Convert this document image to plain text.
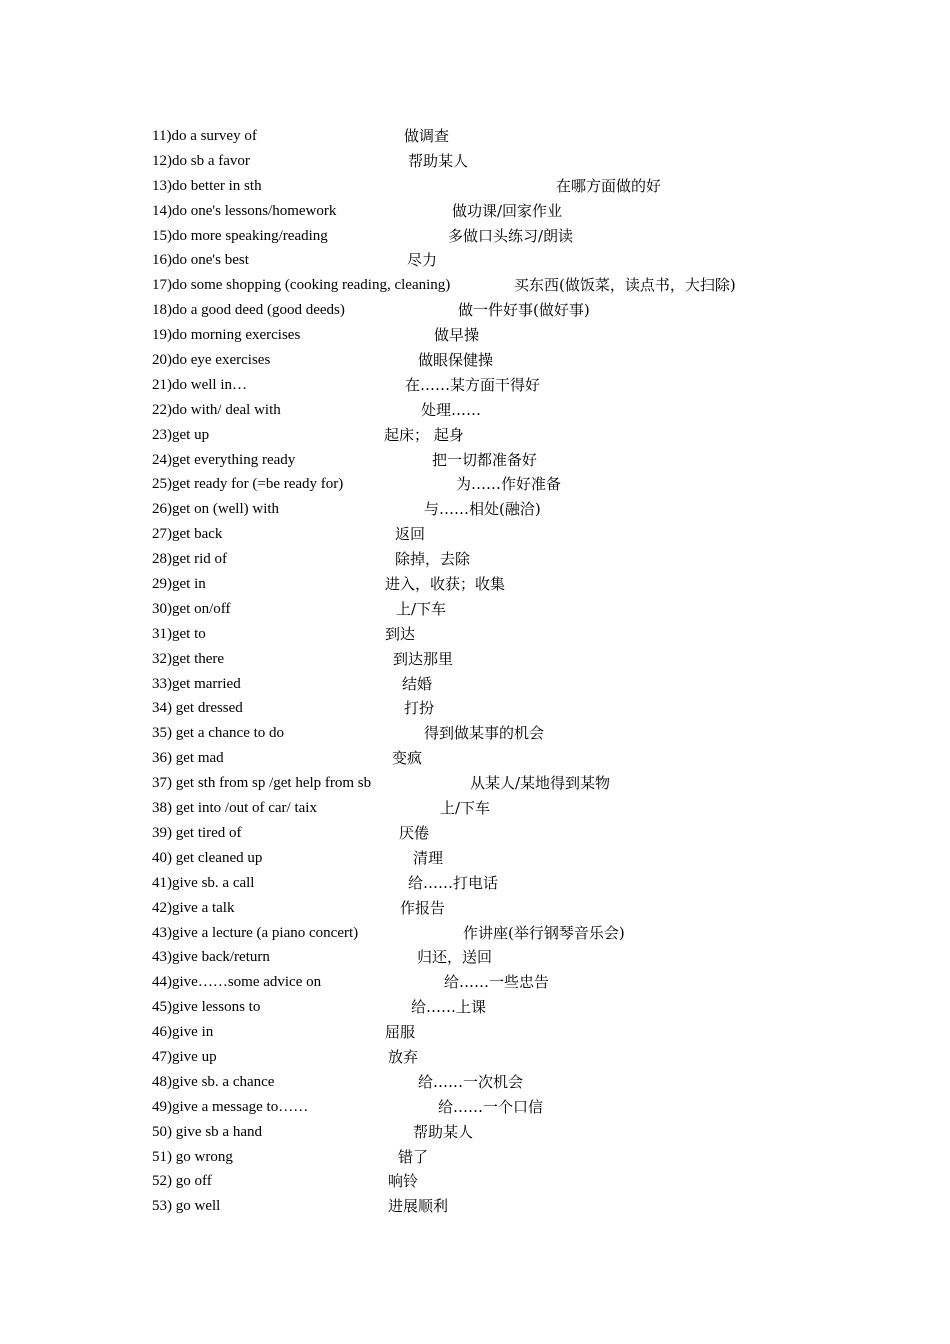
11)do a survey of	做调查
12)do sb a favor	帮助某人
13)do better in sth	在哪方面做的好
14)do one's lessons/homework	做功课/回家作业
15)do more speaking/reading	多做口头练习/朗读
16)do one's best	尽力
17)do some shopping (cooking reading, cleaning)	买东西(做饭菜，读点书，大扫除)
18)do a good deed (good deeds)	做一件好事(做好事)
19)do morning exercises	做早操
20)do eye exercises	做眼保健操
21)do well in…	在……某方面干得好
22)do with/ deal with	处理……
23)get up	起床； 起身
24)get everything ready	把一切都准备好
25)get ready for (=be ready for)	为……作好准备
26)get on (well) with	与……相处(融洽)
27)get back	返回
28)get rid of	除掉，去除
29)get in	进入，收获；收集
30)get on/off	上/下车
31)get to	到达
32)get there	到达那里
33)get married	结婚
34) get dressed	打扮
35) get a chance to do	得到做某事的机会
36) get mad	变疯
37) get sth from sp /get help from sb	从某人/某地得到某物
38) get into /out of car/ taix	上/下车
39) get tired of	厌倦
40) get cleaned up	清理
41)give sb. a call	给……打电话
42)give a talk	作报告
43)give a lecture (a piano concert)	作讲座(举行钢琴音乐会)
43)give back/return	归还，送回
44)give……some advice on	给……一些忠告
45)give lessons to	给……上课
46)give in	屈服
47)give up	放弃
48)give sb. a chance	给……一次机会
49)give a message to……	给……一个口信
50) give sb a hand	帮助某人
51) go wrong	错了
52) go off	响铃
53) go well	进展顺利
